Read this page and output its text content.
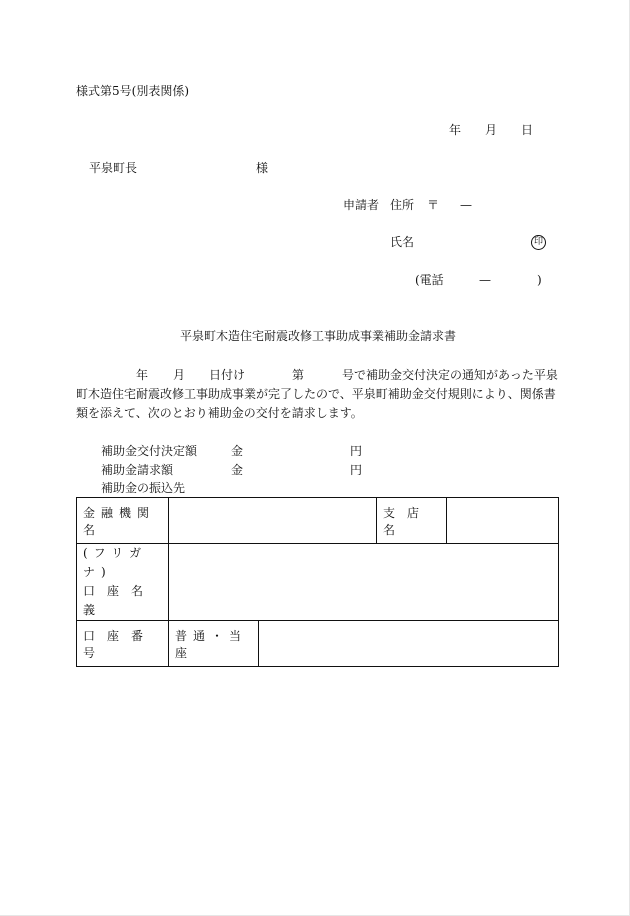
様式第5号(別表関係)
年 月 日
平泉町長	様
申請者 住所 〒 —
氏名	印
(電話	—	)
平泉町木造住宅耐震改修工事助成事業補助金請求書
年 月 日付け	第	号で補助金交付決定の通知があった平泉

町木造住宅耐震改修工事助成事業が完了したので、平泉町補助金交付規則により、関係書
類を添えて、次のとおり補助金の交付を請求します。
補助金交付決定額	金	円
補助金請求額	金	円
補助金の振込先
金融機関名			支店名	

(フリガナ)
口座名義				

口座番号	普通・当座			
